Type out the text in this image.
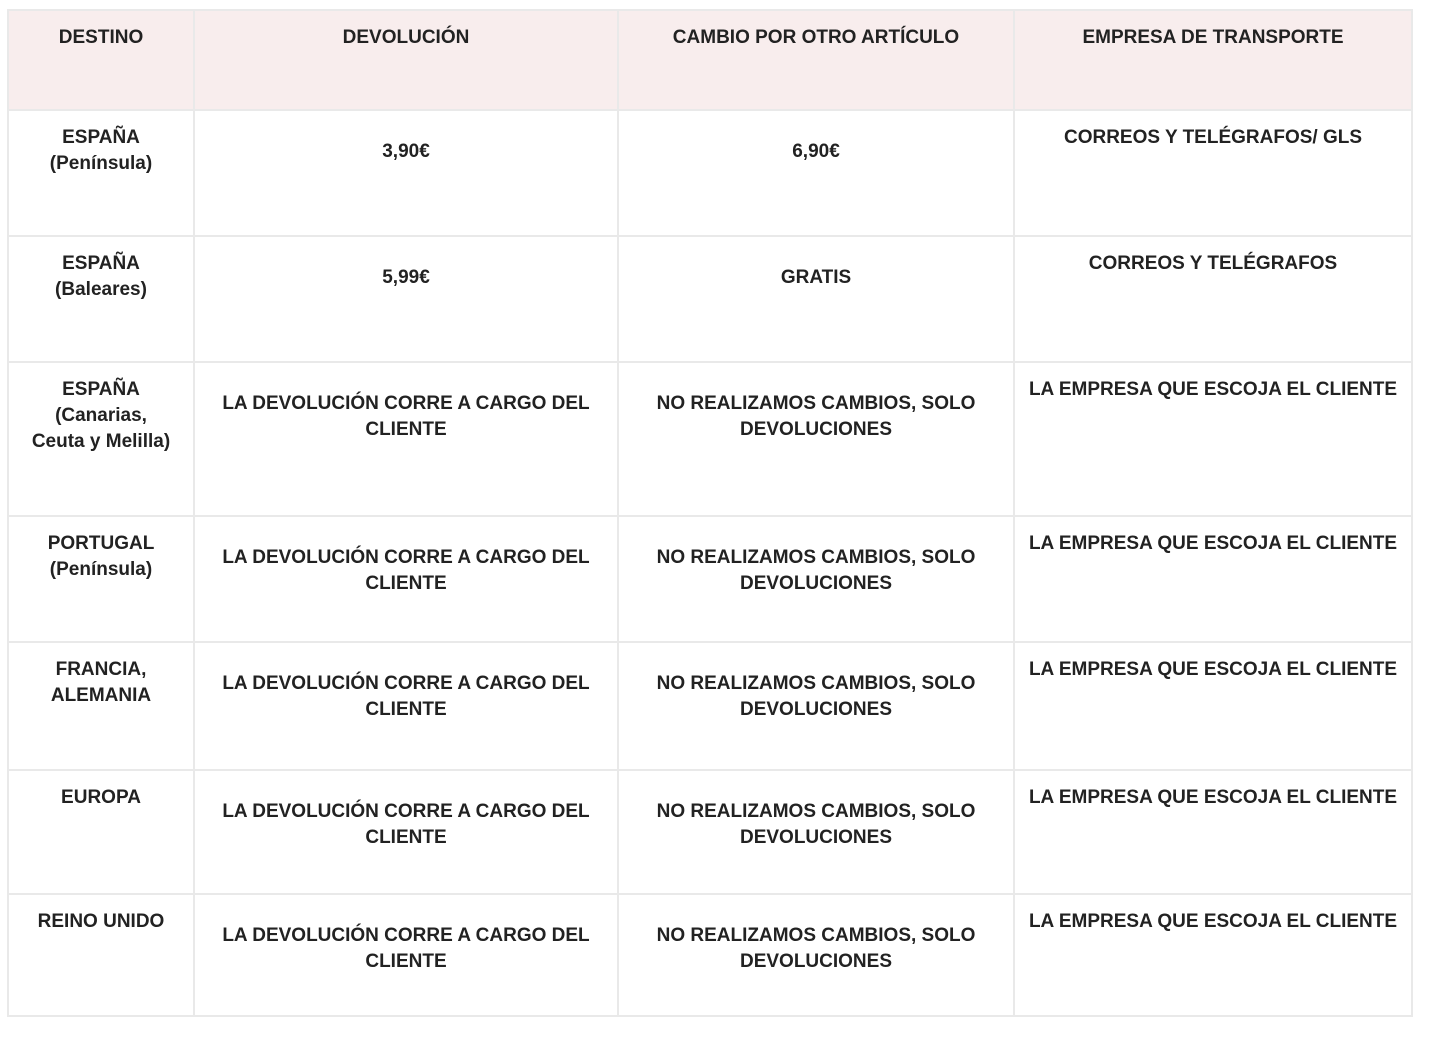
DESTINO	DEVOLUCIÓN	CAMBIO POR OTRO ARTÍCULO	EMPRESA DE TRANSPORTE

ESPAÑA
(Península)	3,90€	6,90€	CORREOS Y TELÉGRAFOS/ GLS

ESPAÑA
(Baleares)	5,99€	GRATIS	CORREOS Y TELÉGRAFOS

ESPAÑA
(Canarias,
Ceuta y Melilla)	LA DEVOLUCIÓN CORRE A CARGO DEL CLIENTE	NO REALIZAMOS CAMBIOS, SOLO DEVOLUCIONES	LA EMPRESA QUE ESCOJA EL CLIENTE

PORTUGAL
(Península)	LA DEVOLUCIÓN CORRE A CARGO DEL CLIENTE	NO REALIZAMOS CAMBIOS, SOLO DEVOLUCIONES	LA EMPRESA QUE ESCOJA EL CLIENTE

FRANCIA,
ALEMANIA	LA DEVOLUCIÓN CORRE A CARGO DEL CLIENTE	NO REALIZAMOS CAMBIOS, SOLO DEVOLUCIONES	LA EMPRESA QUE ESCOJA EL CLIENTE

EUROPA	LA DEVOLUCIÓN CORRE A CARGO DEL CLIENTE	NO REALIZAMOS CAMBIOS, SOLO DEVOLUCIONES	LA EMPRESA QUE ESCOJA EL CLIENTE

REINO UNIDO	LA DEVOLUCIÓN CORRE A CARGO DEL CLIENTE	NO REALIZAMOS CAMBIOS, SOLO DEVOLUCIONES	LA EMPRESA QUE ESCOJA EL CLIENTE
